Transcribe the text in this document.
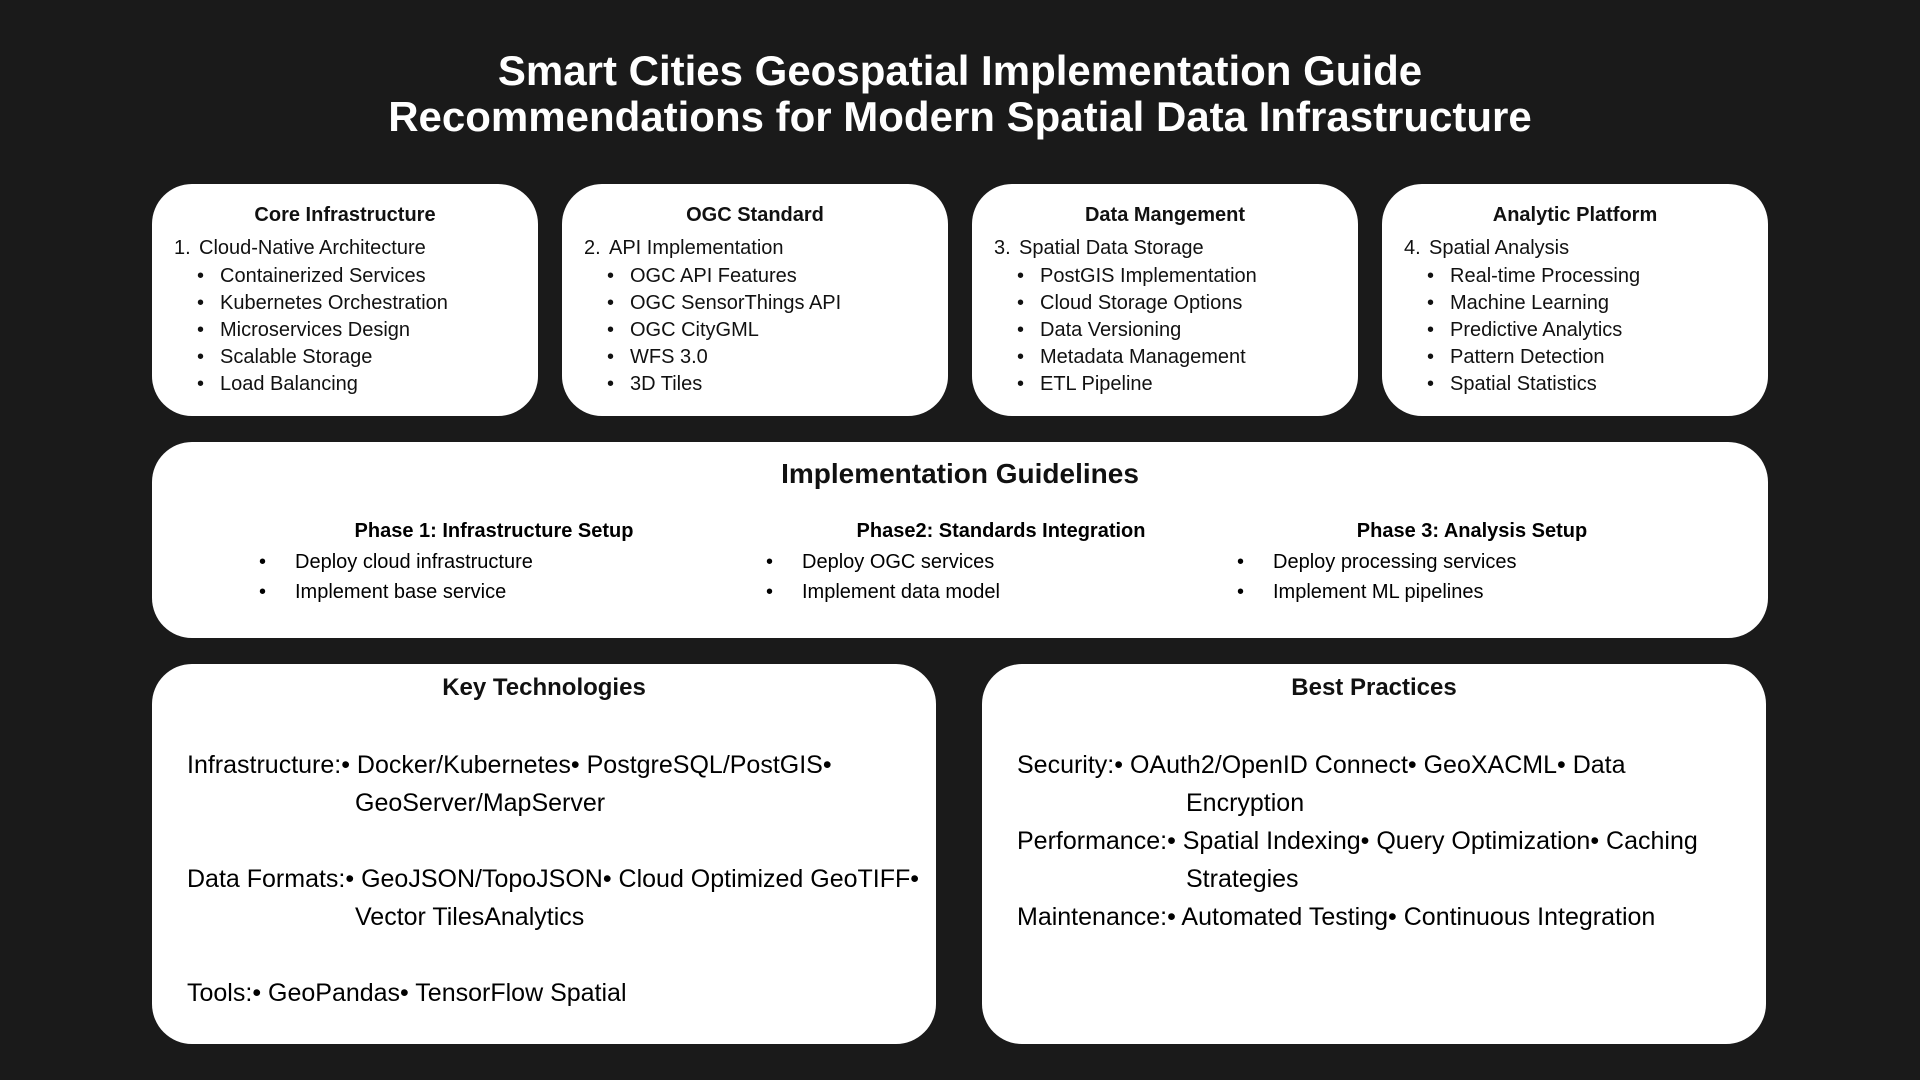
Smart Cities Geospatial Implementation Guide
Recommendations for Modern Spatial Data Infrastructure
Core Infrastructure
1. Cloud-Native Architecture
• Containerized Services
• Kubernetes Orchestration
• Microservices Design
• Scalable Storage
• Load Balancing
OGC Standard
2. API Implementation
• OGC API Features
• OGC SensorThings API
• OGC CityGML
• WFS 3.0
• 3D Tiles
Data Mangement
3. Spatial Data Storage
• PostGIS Implementation
• Cloud Storage Options
• Data Versioning
• Metadata Management
• ETL Pipeline
Analytic Platform
4. Spatial Analysis
• Real-time Processing
• Machine Learning
• Predictive Analytics
• Pattern Detection
• Spatial Statistics
Implementation Guidelines
Phase 1: Infrastructure Setup
•	Deploy cloud infrastructure
•	Implement base service
Phase2: Standards Integration
•	Deploy OGC services
•	Implement data model
Phase 3: Analysis Setup
•	Deploy processing services
•	Implement ML pipelines
Key Technologies
Infrastructure: • Docker/Kubernetes• PostgreSQL/PostGIS•
GeoServer/MapServer
Data Formats: • GeoJSON/TopoJSON• Cloud Optimized GeoTIFF•
Vector TilesAnalytics
Tools: • GeoPandas• TensorFlow Spatial
Best Practices
Security: • OAuth2/OpenID Connect• GeoXACML• Data
Encryption
Performance: • Spatial Indexing• Query Optimization• Caching
Strategies
Maintenance: • Automated Testing• Continuous Integration
